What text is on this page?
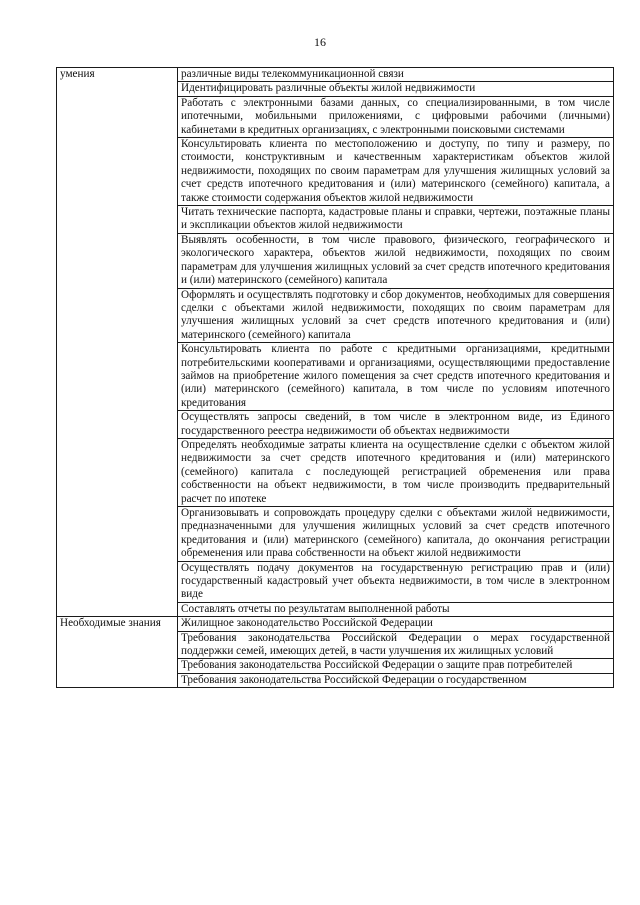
16
умения	различные виды телекоммуникационной связи
	Идентифицировать различные объекты жилой недвижимости
	Работать с электронными базами данных, со специализированными, в том числе ипотечными, мобильными приложениями, с цифровыми рабочими (личными) кабинетами в кредитных организациях, с электронными поисковыми системами
	Консультировать клиента по местоположению и доступу, по типу и размеру, по стоимости, конструктивным и качественным характеристикам объектов жилой недвижимости, походящих по своим параметрам для улучшения жилищных условий за счет средств ипотечного кредитования и (или) материнского (семейного) капитала, а также стоимости содержания объектов жилой недвижимости
	Читать технические паспорта, кадастровые планы и справки, чертежи, поэтажные планы и экспликации объектов жилой недвижимости
	Выявлять особенности, в том числе правового, физического, географического и экологического характера, объектов жилой недвижимости, походящих по своим параметрам для улучшения жилищных условий за счет средств ипотечного кредитования и (или) материнского (семейного) капитала
	Оформлять и осуществлять подготовку и сбор документов, необходимых для совершения сделки с объектами жилой недвижимости, походящих по своим параметрам для улучшения жилищных условий за счет средств ипотечного кредитования и (или) материнского (семейного) капитала
	Консультировать клиента по работе с кредитными организациями, кредитными потребительскими кооперативами и организациями, осуществляющими предоставление займов на приобретение жилого помещения за счет средств ипотечного кредитования и (или) материнского (семейного) капитала, в том числе по условиям ипотечного кредитования
	Осуществлять запросы сведений, в том числе в электронном виде, из Единого государственного реестра недвижимости об объектах недвижимости
	Определять необходимые затраты клиента на осуществление сделки с объектом жилой недвижимости за счет средств ипотечного кредитования и (или) материнского (семейного) капитала с последующей регистрацией обременения или права собственности на объект недвижимости, в том числе производить предварительный расчет по ипотеке
	Организовывать и сопровождать процедуру сделки с объектами жилой недвижимости, предназначенными для улучшения жилищных условий за счет средств ипотечного кредитования и (или) материнского (семейного) капитала, до окончания регистрации обременения или права собственности на объект жилой недвижимости
	Осуществлять подачу документов на государственную регистрацию прав и (или) государственный кадастровый учет объекта недвижимости, в том числе в электронном виде
	Составлять отчеты по результатам выполненной работы
Необходимые знания	Жилищное законодательство Российской Федерации
	Требования законодательства Российской Федерации о мерах государственной поддержки семей, имеющих детей, в части улучшения их жилищных условий
	Требования законодательства Российской Федерации о защите прав потребителей
	Требования законодательства Российской Федерации о государственном
